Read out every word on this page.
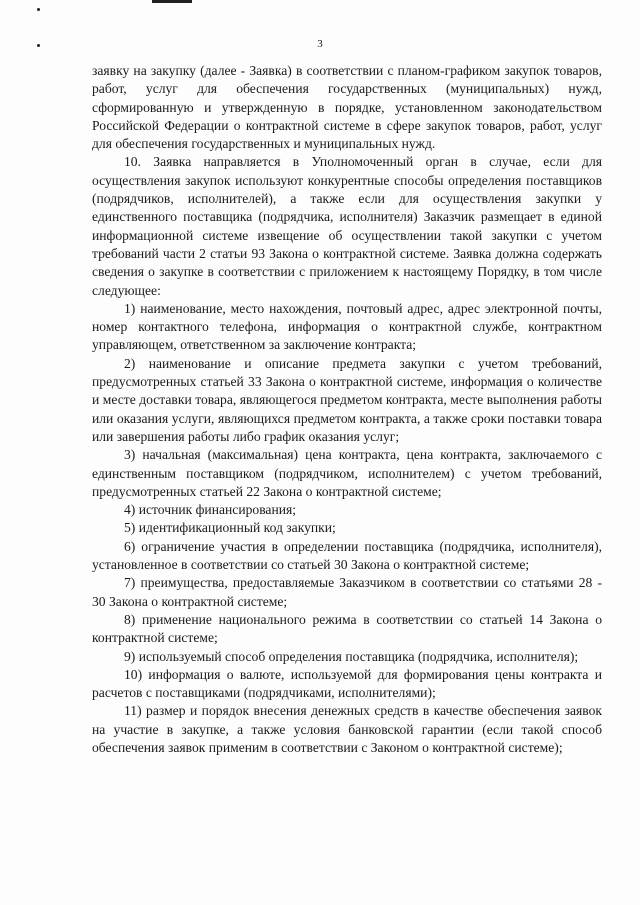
3

заявку на закупку (далее - Заявка) в соответствии с планом-графиком закупок товаров, работ, услуг для обеспечения государственных (муниципальных) нужд, сформированную и утвержденную в порядке, установленном законодательством Российской Федерации о контрактной системе в сфере закупок товаров, работ, услуг для обеспечения государственных и муниципальных нужд.

10. Заявка направляется в Уполномоченный орган в случае, если для осуществления закупок используют конкурентные способы определения поставщиков (подрядчиков, исполнителей), а также если для осуществления закупки у единственного поставщика (подрядчика, исполнителя) Заказчик размещает в единой информационной системе извещение об осуществлении такой закупки с учетом требований части 2 статьи 93 Закона о контрактной системе. Заявка должна содержать сведения о закупке в соответствии с приложением к настоящему Порядку, в том числе следующее:

1) наименование, место нахождения, почтовый адрес, адрес электронной почты, номер контактного телефона, информация о контрактной службе, контрактном управляющем, ответственном за заключение контракта;

2) наименование и описание предмета закупки с учетом требований, предусмотренных статьей 33 Закона о контрактной системе, информация о количестве и месте доставки товара, являющегося предметом контракта, месте выполнения работы или оказания услуги, являющихся предметом контракта, а также сроки поставки товара или завершения работы либо график оказания услуг;

3) начальная (максимальная) цена контракта, цена контракта, заключаемого с единственным поставщиком (подрядчиком, исполнителем) с учетом требований, предусмотренных статьей 22 Закона о контрактной системе;

4) источник финансирования;

5) идентификационный код закупки;

6) ограничение участия в определении поставщика (подрядчика, исполнителя), установленное в соответствии со статьей 30 Закона о контрактной системе;

7) преимущества, предоставляемые Заказчиком в соответствии со статьями 28 - 30 Закона о контрактной системе;

8) применение национального режима в соответствии со статьей 14 Закона о контрактной системе;

9) используемый способ определения поставщика (подрядчика, исполнителя);

10) информация о валюте, используемой для формирования цены контракта и расчетов с поставщиками (подрядчиками, исполнителями);

11) размер и порядок внесения денежных средств в качестве обеспечения заявок на участие в закупке, а также условия банковской гарантии (если такой способ обеспечения заявок применим в соответствии с Законом о контрактной системе);
